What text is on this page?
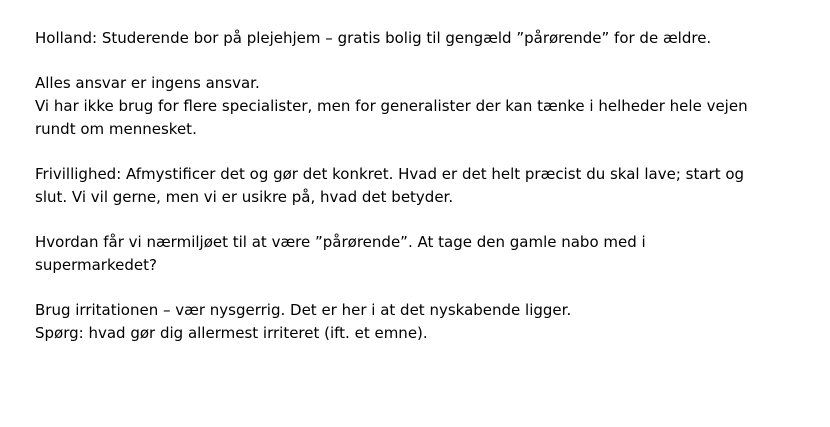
Holland: Studerende bor på plejehjem – gratis bolig til gengæld ”pårørende” for de ældre.

Alles ansvar er ingens ansvar.
Vi har ikke brug for flere specialister, men for generalister der kan tænke i helheder hele vejen
rundt om mennesket.

Frivillighed: Afmystificer det og gør det konkret. Hvad er det helt præcist du skal lave; start og
slut. Vi vil gerne, men vi er usikre på, hvad det betyder.

Hvordan får vi nærmiljøet til at være ”pårørende”. At tage den gamle nabo med i
supermarkedet?

Brug irritationen – vær nysgerrig. Det er her i at det nyskabende ligger.
Spørg: hvad gør dig allermest irriteret (ift. et emne).
